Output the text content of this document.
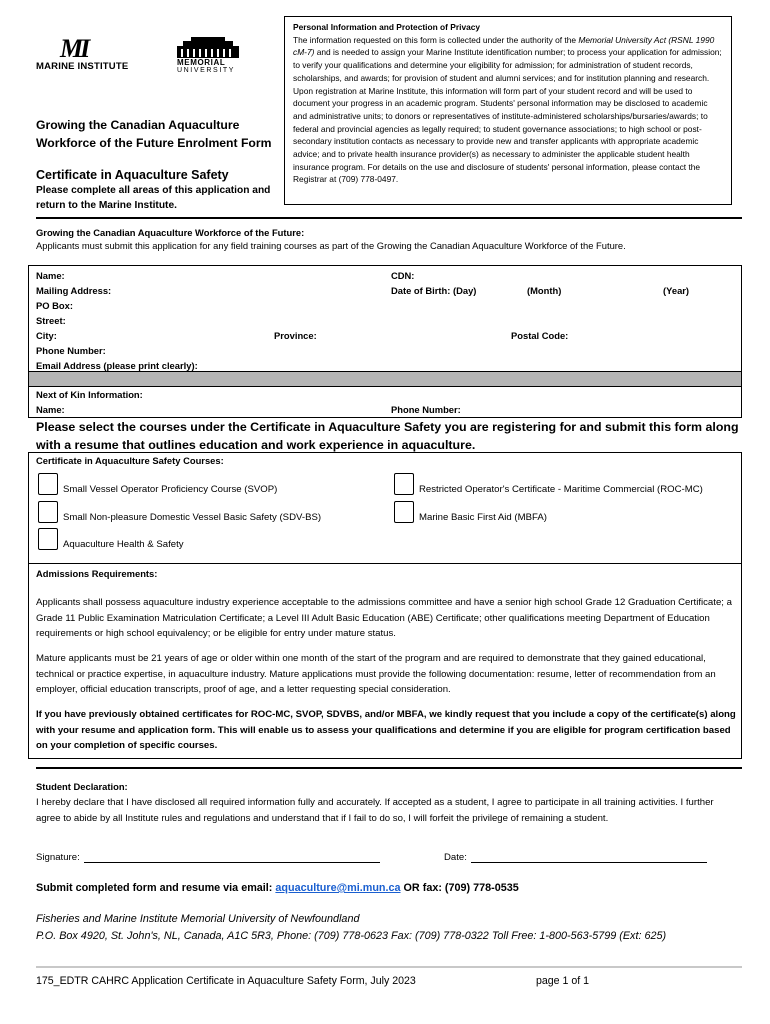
MI
MARINE INSTITUTE	MEMORIAL
UNIVERSITY
Growing the Canadian Aquaculture Workforce of the Future Enrolment Form
Certificate in Aquaculture Safety
Please complete all areas of this application and return to the Marine Institute.
Personal Information and Protection of Privacy
The information requested on this form is collected under the authority of the Memorial University Act (RSNL 1990 cM-7) and is needed to assign your Marine Institute identification number; to process your application for admission; to verify your qualifications and determine your eligibility for admission; for administration of student records, scholarships, and awards; for provision of student and alumni services; and for institution planning and research. Upon registration at Marine Institute, this information will form part of your student record and will be used to document your progress in an academic program. Students' personal information may be disclosed to academic and administrative units; to donors or representatives of institute-administered scholarships/bursaries/awards; to federal and provincial agencies as legally required; to student governance associations; to high school or post-secondary institution contacts as necessary to provide new and transfer applicants with appropriate academic advice; and to private health insurance provider(s) as necessary to administer the applicable student health insurance program. For details on the use and disclosure of students' personal information, please contact the Registrar at (709) 778-0497.
Growing the Canadian Aquaculture Workforce of the Future:
Applicants must submit this application for any field training courses as part of the Growing the Canadian Aquaculture Workforce of the Future.
Name:	CDN:
Mailing Address:	Date of Birth: (Day)	(Month)	(Year)
PO Box:
Street:
City:	Province:	Postal Code:
Phone Number:
Email Address (please print clearly):
Next of Kin Information:
Name:	Phone Number:
Please select the courses under the Certificate in Aquaculture Safety you are registering for and submit this form along with a resume that outlines education and work experience in aquaculture.
Certificate in Aquaculture Safety Courses:
Small Vessel Operator Proficiency Course (SVOP)	Restricted Operator's Certificate - Maritime Commercial (ROC-MC)
Small Non-pleasure Domestic Vessel Basic Safety (SDV-BS)	Marine Basic First Aid (MBFA)
Aquaculture Health & Safety
Admissions Requirements:
Applicants shall possess aquaculture industry experience acceptable to the admissions committee and have a senior high school Grade 12 Graduation Certificate; a Grade 11 Public Examination Matriculation Certificate; a Level III Adult Basic Education (ABE) Certificate; other qualifications meeting Department of Education requirements or high school equivalency; or be eligible for entry under mature status.
Mature applicants must be 21 years of age or older within one month of the start of the program and are required to demonstrate that they gained educational, technical or practice expertise, in aquaculture industry. Mature applications must provide the following documentation: resume, letter of recommendation from an employer, official education transcripts, proof of age, and a letter requesting special consideration.
If you have previously obtained certificates for ROC-MC, SVOP, SDVBS, and/or MBFA, we kindly request that you include a copy of the certificate(s) along with your resume and application form. This will enable us to assess your qualifications and determine if you are eligible for program certification based on your completion of specific courses.
Student Declaration:
I hereby declare that I have disclosed all required information fully and accurately. If accepted as a student, I agree to participate in all training activities. I further agree to abide by all Institute rules and regulations and understand that if I fail to do so, I will forfeit the privilege of remaining a student.
Signature:	Date:
Submit completed form and resume via email: aquaculture@mi.mun.ca OR fax: (709) 778-0535
Fisheries and Marine Institute Memorial University of Newfoundland
P.O. Box 4920, St. John's, NL, Canada, A1C 5R3, Phone: (709) 778-0623 Fax: (709) 778-0322 Toll Free: 1-800-563-5799 (Ext: 625)
175_EDTR CAHRC Application Certificate in Aquaculture Safety Form, July 2023	page 1 of 1
